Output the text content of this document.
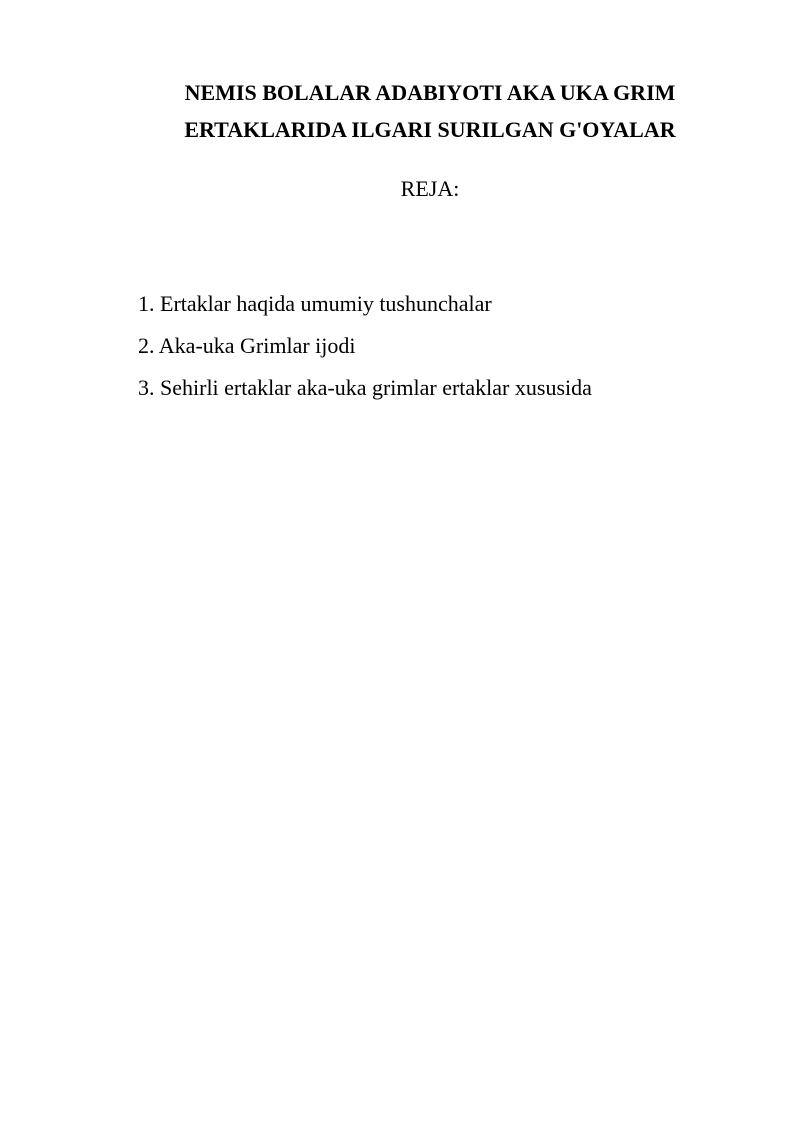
NEMIS BOLALAR ADABIYOTI AKA UKA GRIM
ERTAKLARIDA ILGARI SURILGAN G'OYALAR
REJA:
1. Ertaklar haqida umumiy tushunchalar
2. Aka-uka Grimlar ijodi
3. Sehirli ertaklar aka-uka grimlar ertaklar xususida
